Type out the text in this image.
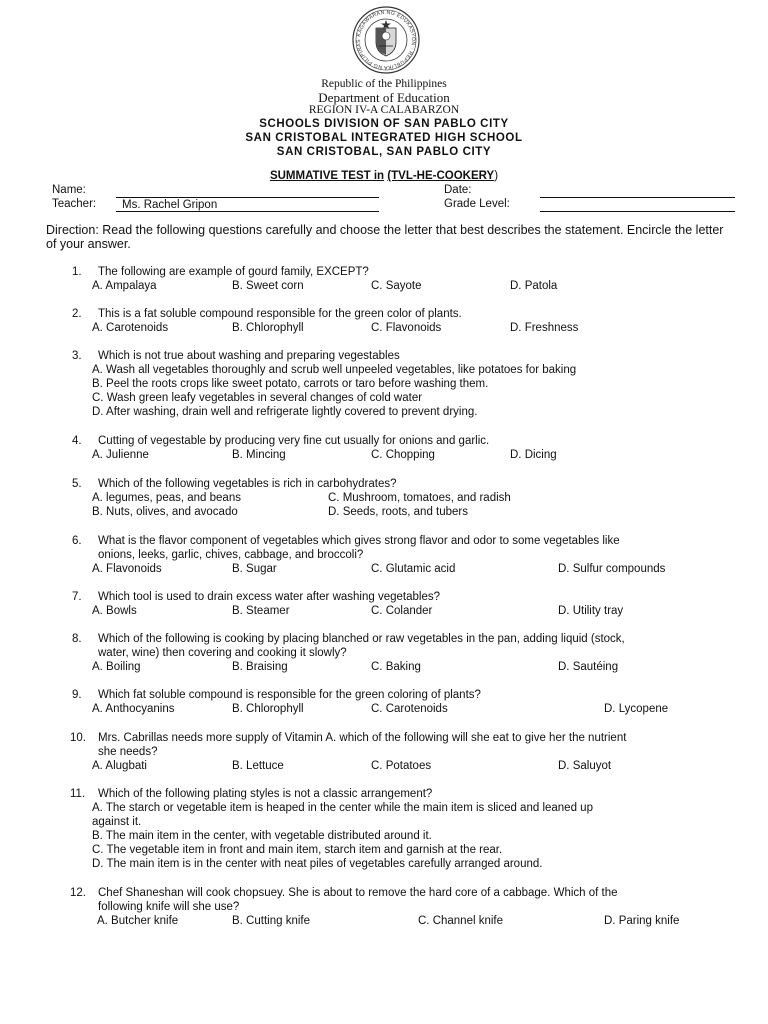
KAGAWARAN NG EDUKASYON · REPUBLIKA NG PILIPINAS
Republic of the Philippines
Department of Education
REGION IV-A CALABARZON
SCHOOLS DIVISION OF SAN PABLO CITY
SAN CRISTOBAL INTEGRATED HIGH SCHOOL
SAN CRISTOBAL, SAN PABLO CITY
SUMMATIVE TEST in (TVL-HE-COOKERY)
Name:	Date:
Teacher: Ms. Rachel Gripon	Grade Level:
Direction: Read the following questions carefully and choose the letter that best describes the statement. Encircle the letter of your answer.
1. The following are example of gourd family, EXCEPT?
A. Ampalaya	B. Sweet corn	C. Sayote	D. Patola
2. This is a fat soluble compound responsible for the green color of plants.
A. Carotenoids	B. Chlorophyll	C. Flavonoids	D. Freshness
3. Which is not true about washing and preparing vegestables
A. Wash all vegetables thoroughly and scrub well unpeeled vegetables, like potatoes for baking
B. Peel the roots crops like sweet potato, carrots or taro before washing them.
C. Wash green leafy vegetables in several changes of cold water
D. After washing, drain well and refrigerate lightly covered to prevent drying.
4. Cutting of vegestable by producing very fine cut usually for onions and garlic.
A. Julienne	B. Mincing	C. Chopping	D. Dicing
5. Which of the following vegetables is rich in carbohydrates?
A. legumes, peas, and beans	C. Mushroom, tomatoes, and radish
B. Nuts, olives, and avocado	D. Seeds, roots, and tubers
6. What is the flavor component of vegetables which gives strong flavor and odor to some vegetables like
onions, leeks, garlic, chives, cabbage, and broccoli?
A. Flavonoids	B. Sugar	C. Glutamic acid	D. Sulfur compounds
7. Which tool is used to drain excess water after washing vegetables?
A. Bowls	B. Steamer	C. Colander	D. Utility tray
8. Which of the following is cooking by placing blanched or raw vegetables in the pan, adding liquid (stock,
water, wine) then covering and cooking it slowly?
A. Boiling	B. Braising	C. Baking	D. Sautéing
9. Which fat soluble compound is responsible for the green coloring of plants?
A. Anthocyanins	B. Chlorophyll	C. Carotenoids	D. Lycopene
10. Mrs. Cabrillas needs more supply of Vitamin A. which of the following will she eat to give her the nutrient
she needs?
A. Alugbati	B. Lettuce	C. Potatoes	D. Saluyot
11. Which of the following plating styles is not a classic arrangement?
A. The starch or vegetable item is heaped in the center while the main item is sliced and leaned up
against it.
B. The main item in the center, with vegetable distributed around it.
C. The vegetable item in front and main item, starch item and garnish at the rear.
D. The main item is in the center with neat piles of vegetables carefully arranged around.
12. Chef Shaneshan will cook chopsuey. She is about to remove the hard core of a cabbage. Which of the
following knife will she use?
A. Butcher knife	B. Cutting knife	C. Channel knife	D. Paring knife
